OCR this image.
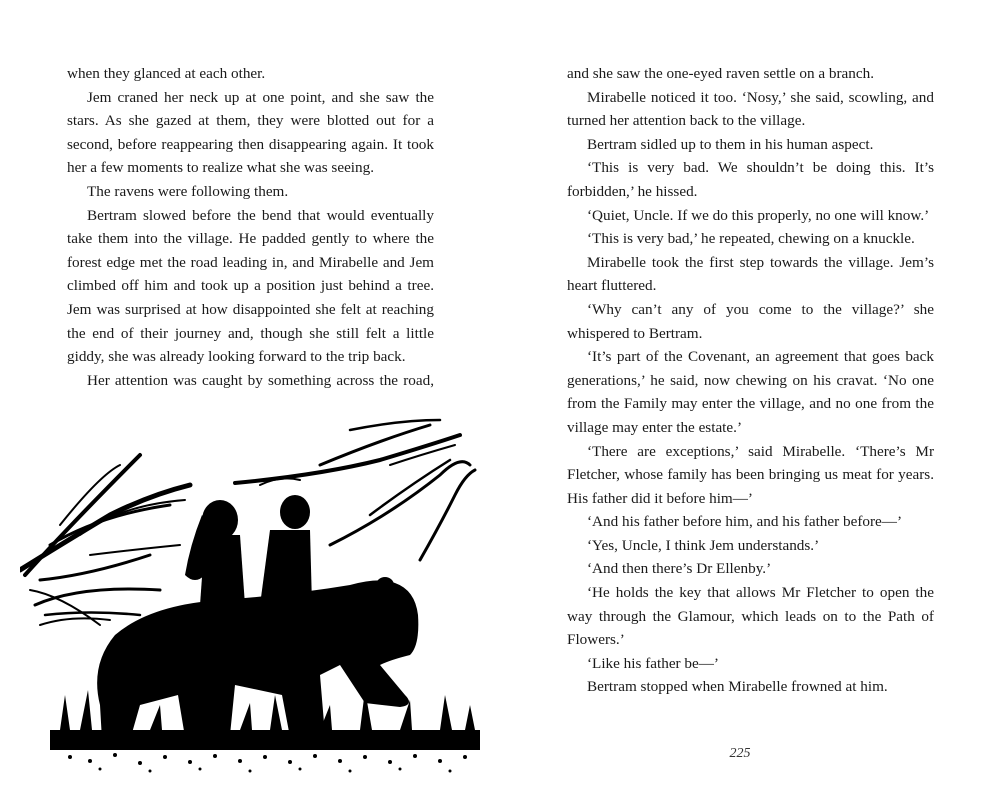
when they glanced at each other.

Jem craned her neck up at one point, and she saw the stars. As she gazed at them, they were blotted out for a second, before reappearing then disappearing again. It took her a few moments to realize what she was seeing.

The ravens were following them.

Bertram slowed before the bend that would eventually take them into the village. He padded gently to where the forest edge met the road leading in, and Mirabelle and Jem climbed off him and took up a position just behind a tree. Jem was surprised at how disappointed she felt at reaching the end of their journey and, though she still felt a little giddy, she was already looking forward to the trip back.

Her attention was caught by something across the road,

and she saw the one-eyed raven settle on a branch.

Mirabelle noticed it too. ‘Nosy,’ she said, scowling, and turned her attention back to the village.

Bertram sidled up to them in his human aspect.

‘This is very bad. We shouldn’t be doing this. It’s forbidden,’ he hissed.

‘Quiet, Uncle. If we do this properly, no one will know.’

‘This is very bad,’ he repeated, chewing on a knuckle.

Mirabelle took the first step towards the village. Jem’s heart fluttered.

‘Why can’t any of you come to the village?’ she whispered to Bertram.

‘It’s part of the Covenant, an agreement that goes back generations,’ he said, now chewing on his cravat. ‘No one from the Family may enter the village, and no one from the village may enter the estate.’

‘There are exceptions,’ said Mirabelle. ‘There’s Mr Fletcher, whose family has been bringing us meat for years. His father did it before him—’

‘And his father before him, and his father before—’

‘Yes, Uncle, I think Jem understands.’

‘And then there’s Dr Ellenby.’

‘He holds the key that allows Mr Fletcher to open the way through the Glamour, which leads on to the Path of Flowers.’

‘Like his father be—’

Bertram stopped when Mirabelle frowned at him.

225
